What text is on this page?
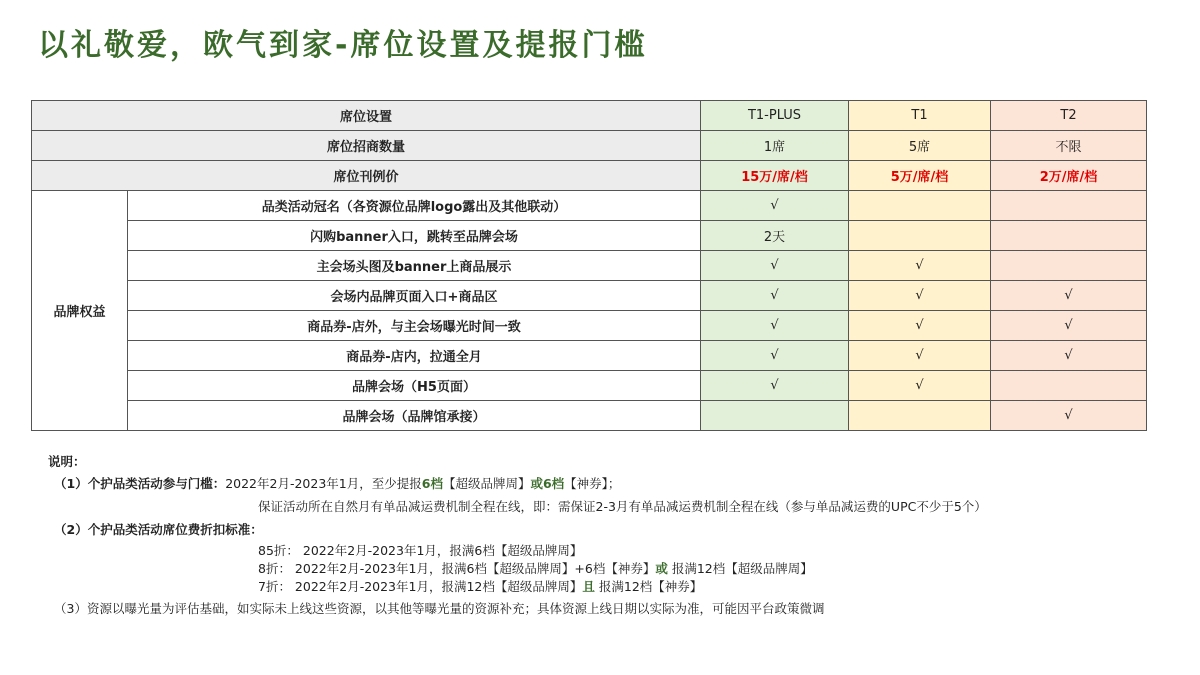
以礼敬爱，欧气到家-席位设置及提报门槛
席位设置		T1-PLUS	T1	T2
席位招商数量		1席	5席	不限
席位刊例价		15万/席/档	5万/席/档	2万/席/档
品牌权益	品类活动冠名（各资源位品牌logo露出及其他联动）	√		
	闪购banner入口，跳转至品牌会场	2天		
	主会场头图及banner上商品展示	√	√	
	会场内品牌页面入口+商品区	√	√	√
	商品券-店外，与主会场曝光时间一致	√	√	√
	商品券-店内，拉通全月	√	√	√
	品牌会场（H5页面）	√	√	
	品牌会场（品牌馆承接）			√
说明：
（1）个护品类活动参与门槛：2022年2月-2023年1月，至少提报6档【超级品牌周】或6档【神券】；
保证活动所在自然月有单品减运费机制全程在线，即：需保证2-3月有单品减运费机制全程在线（参与单品减运费的UPC不少于5个）
（2）个护品类活动席位费折扣标准：
85折： 2022年2月-2023年1月，报满6档【超级品牌周】
8折： 2022年2月-2023年1月，报满6档【超级品牌周】+6档【神券】或 报满12档【超级品牌周】
7折： 2022年2月-2023年1月，报满12档【超级品牌周】且 报满12档【神券】
（3）资源以曝光量为评估基础，如实际未上线这些资源，以其他等曝光量的资源补充；具体资源上线日期以实际为准，可能因平台政策微调
